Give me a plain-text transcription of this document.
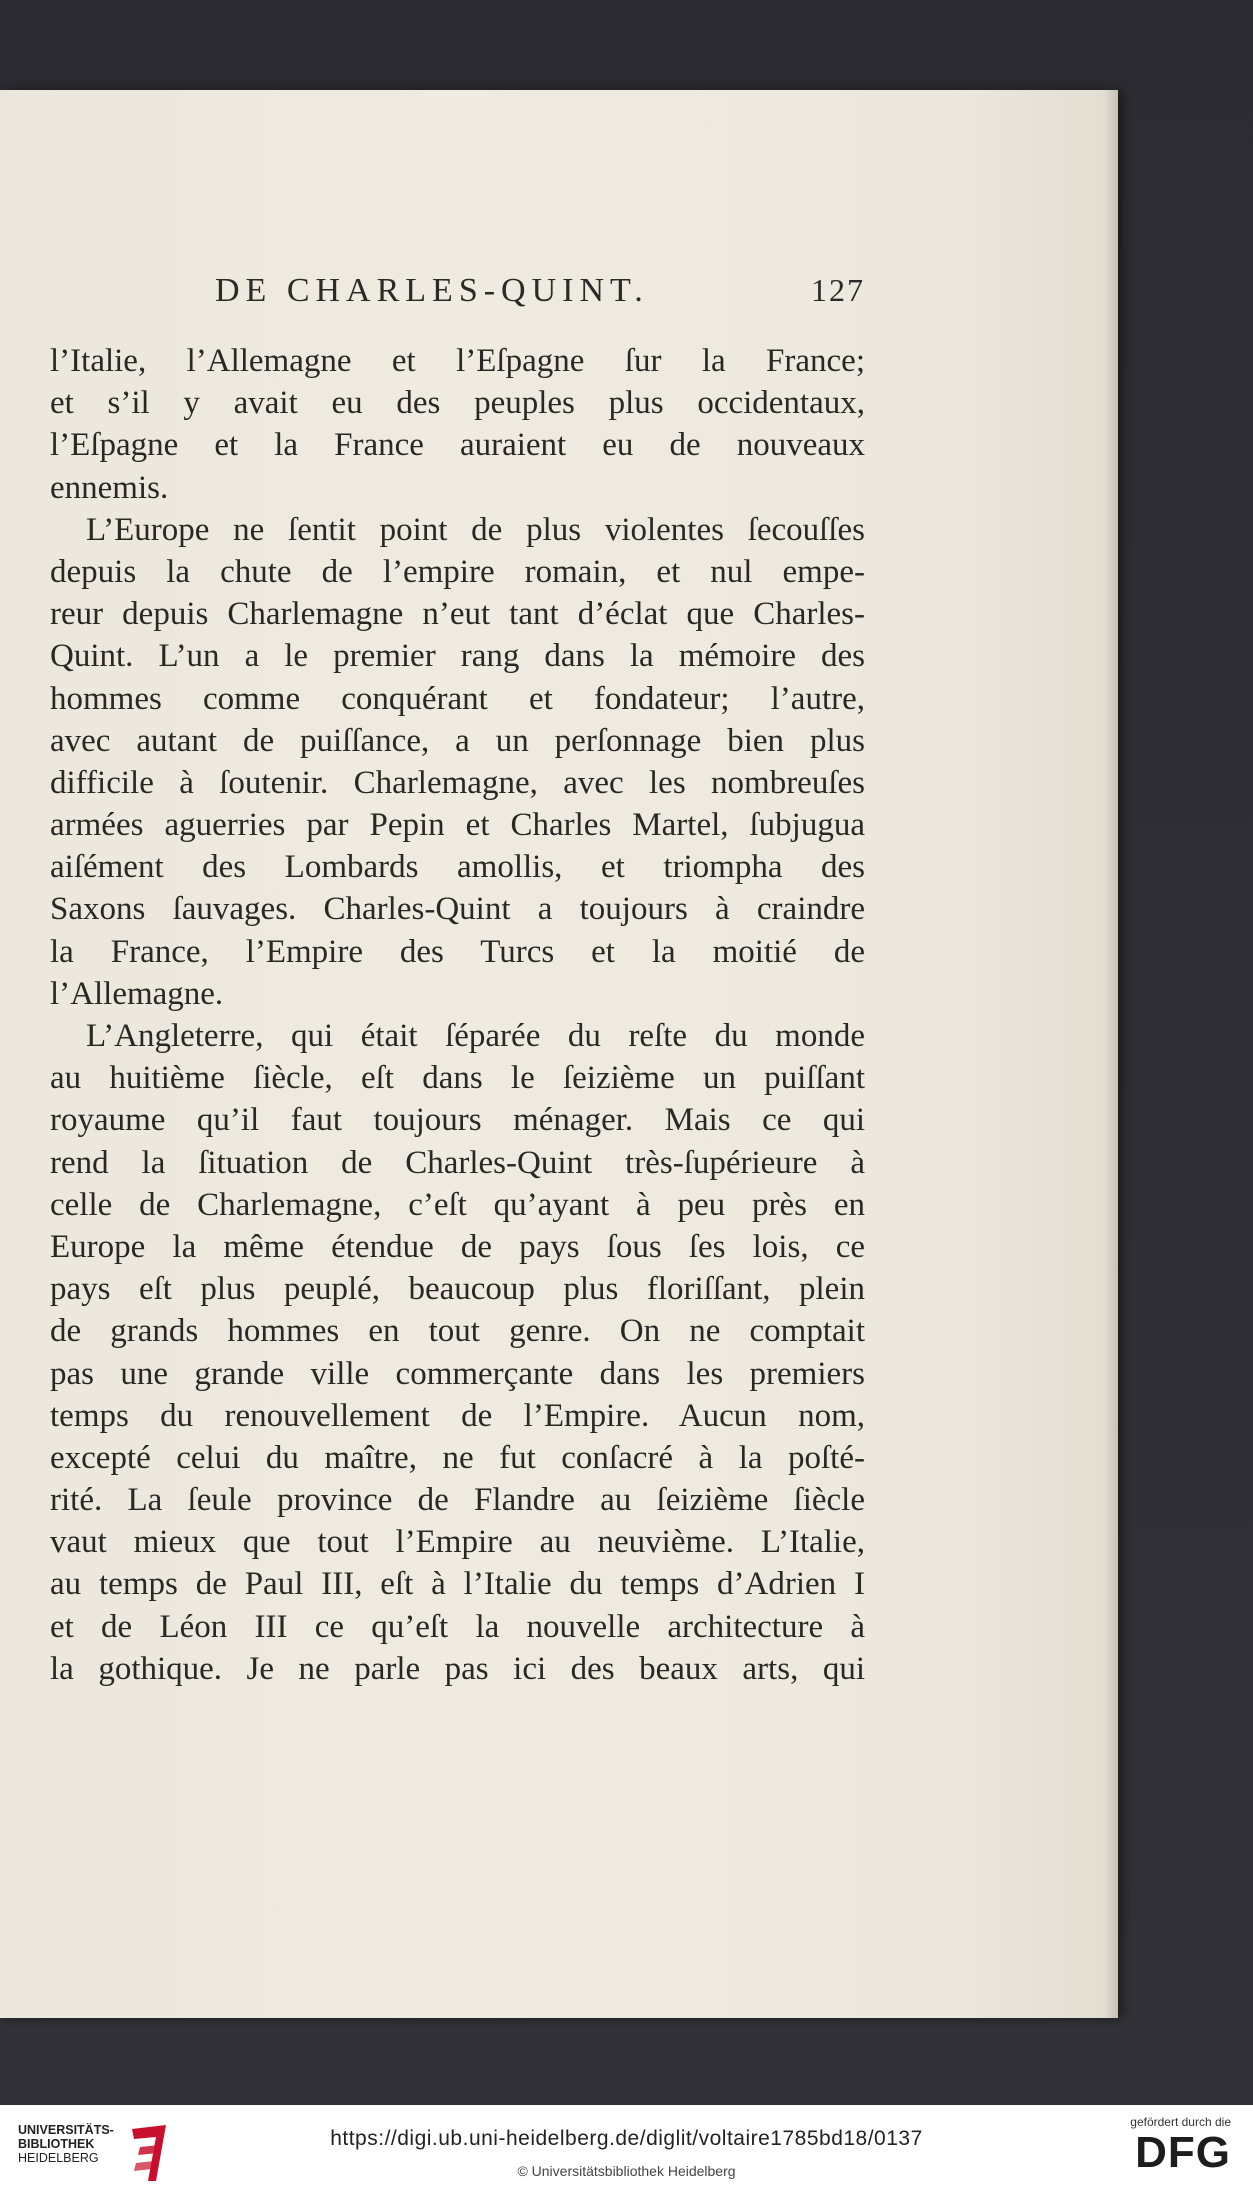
DE CHARLES-QUINT.	127
l’Italie, l’Allemagne et l’Eſpagne ſur la France;
et s’il y avait eu des peuples plus occidentaux,
l’Eſpagne et la France auraient eu de nouveaux
ennemis.
L’Europe ne ſentit point de plus violentes ſecouſſes
depuis la chute de l’empire romain, et nul empe-
reur depuis Charlemagne n’eut tant d’éclat que Charles-
Quint. L’un a le premier rang dans la mémoire des
hommes comme conquérant et fondateur; l’autre,
avec autant de puiſſance, a un perſonnage bien plus
difficile à ſoutenir. Charlemagne, avec les nombreuſes
armées aguerries par Pepin et Charles Martel, ſubjugua
aiſément des Lombards amollis, et triompha des
Saxons ſauvages. Charles-Quint a toujours à craindre
la France, l’Empire des Turcs et la moitié de
l’Allemagne.
L’Angleterre, qui était ſéparée du reſte du monde
au huitième ſiècle, eſt dans le ſeizième un puiſſant
royaume qu’il faut toujours ménager. Mais ce qui
rend la ſituation de Charles-Quint très-ſupérieure à
celle de Charlemagne, c’eſt qu’ayant à peu près en
Europe la même étendue de pays ſous ſes lois, ce
pays eſt plus peuplé, beaucoup plus floriſſant, plein
de grands hommes en tout genre. On ne comptait
pas une grande ville commerçante dans les premiers
temps du renouvellement de l’Empire. Aucun nom,
excepté celui du maître, ne fut conſacré à la poſté-
rité. La ſeule province de Flandre au ſeizième ſiècle
vaut mieux que tout l’Empire au neuvième. L’Italie,
au temps de Paul III, eſt à l’Italie du temps d’Adrien I
et de Léon III ce qu’eſt la nouvelle architecture à
la gothique. Je ne parle pas ici des beaux arts, qui
UNIVERSITÄTS-
BIBLIOTHEK
HEIDELBERG
https://digi.ub.uni-heidelberg.de/diglit/voltaire1785bd18/0137
© Universitätsbibliothek Heidelberg
gefördert durch die
DFG
